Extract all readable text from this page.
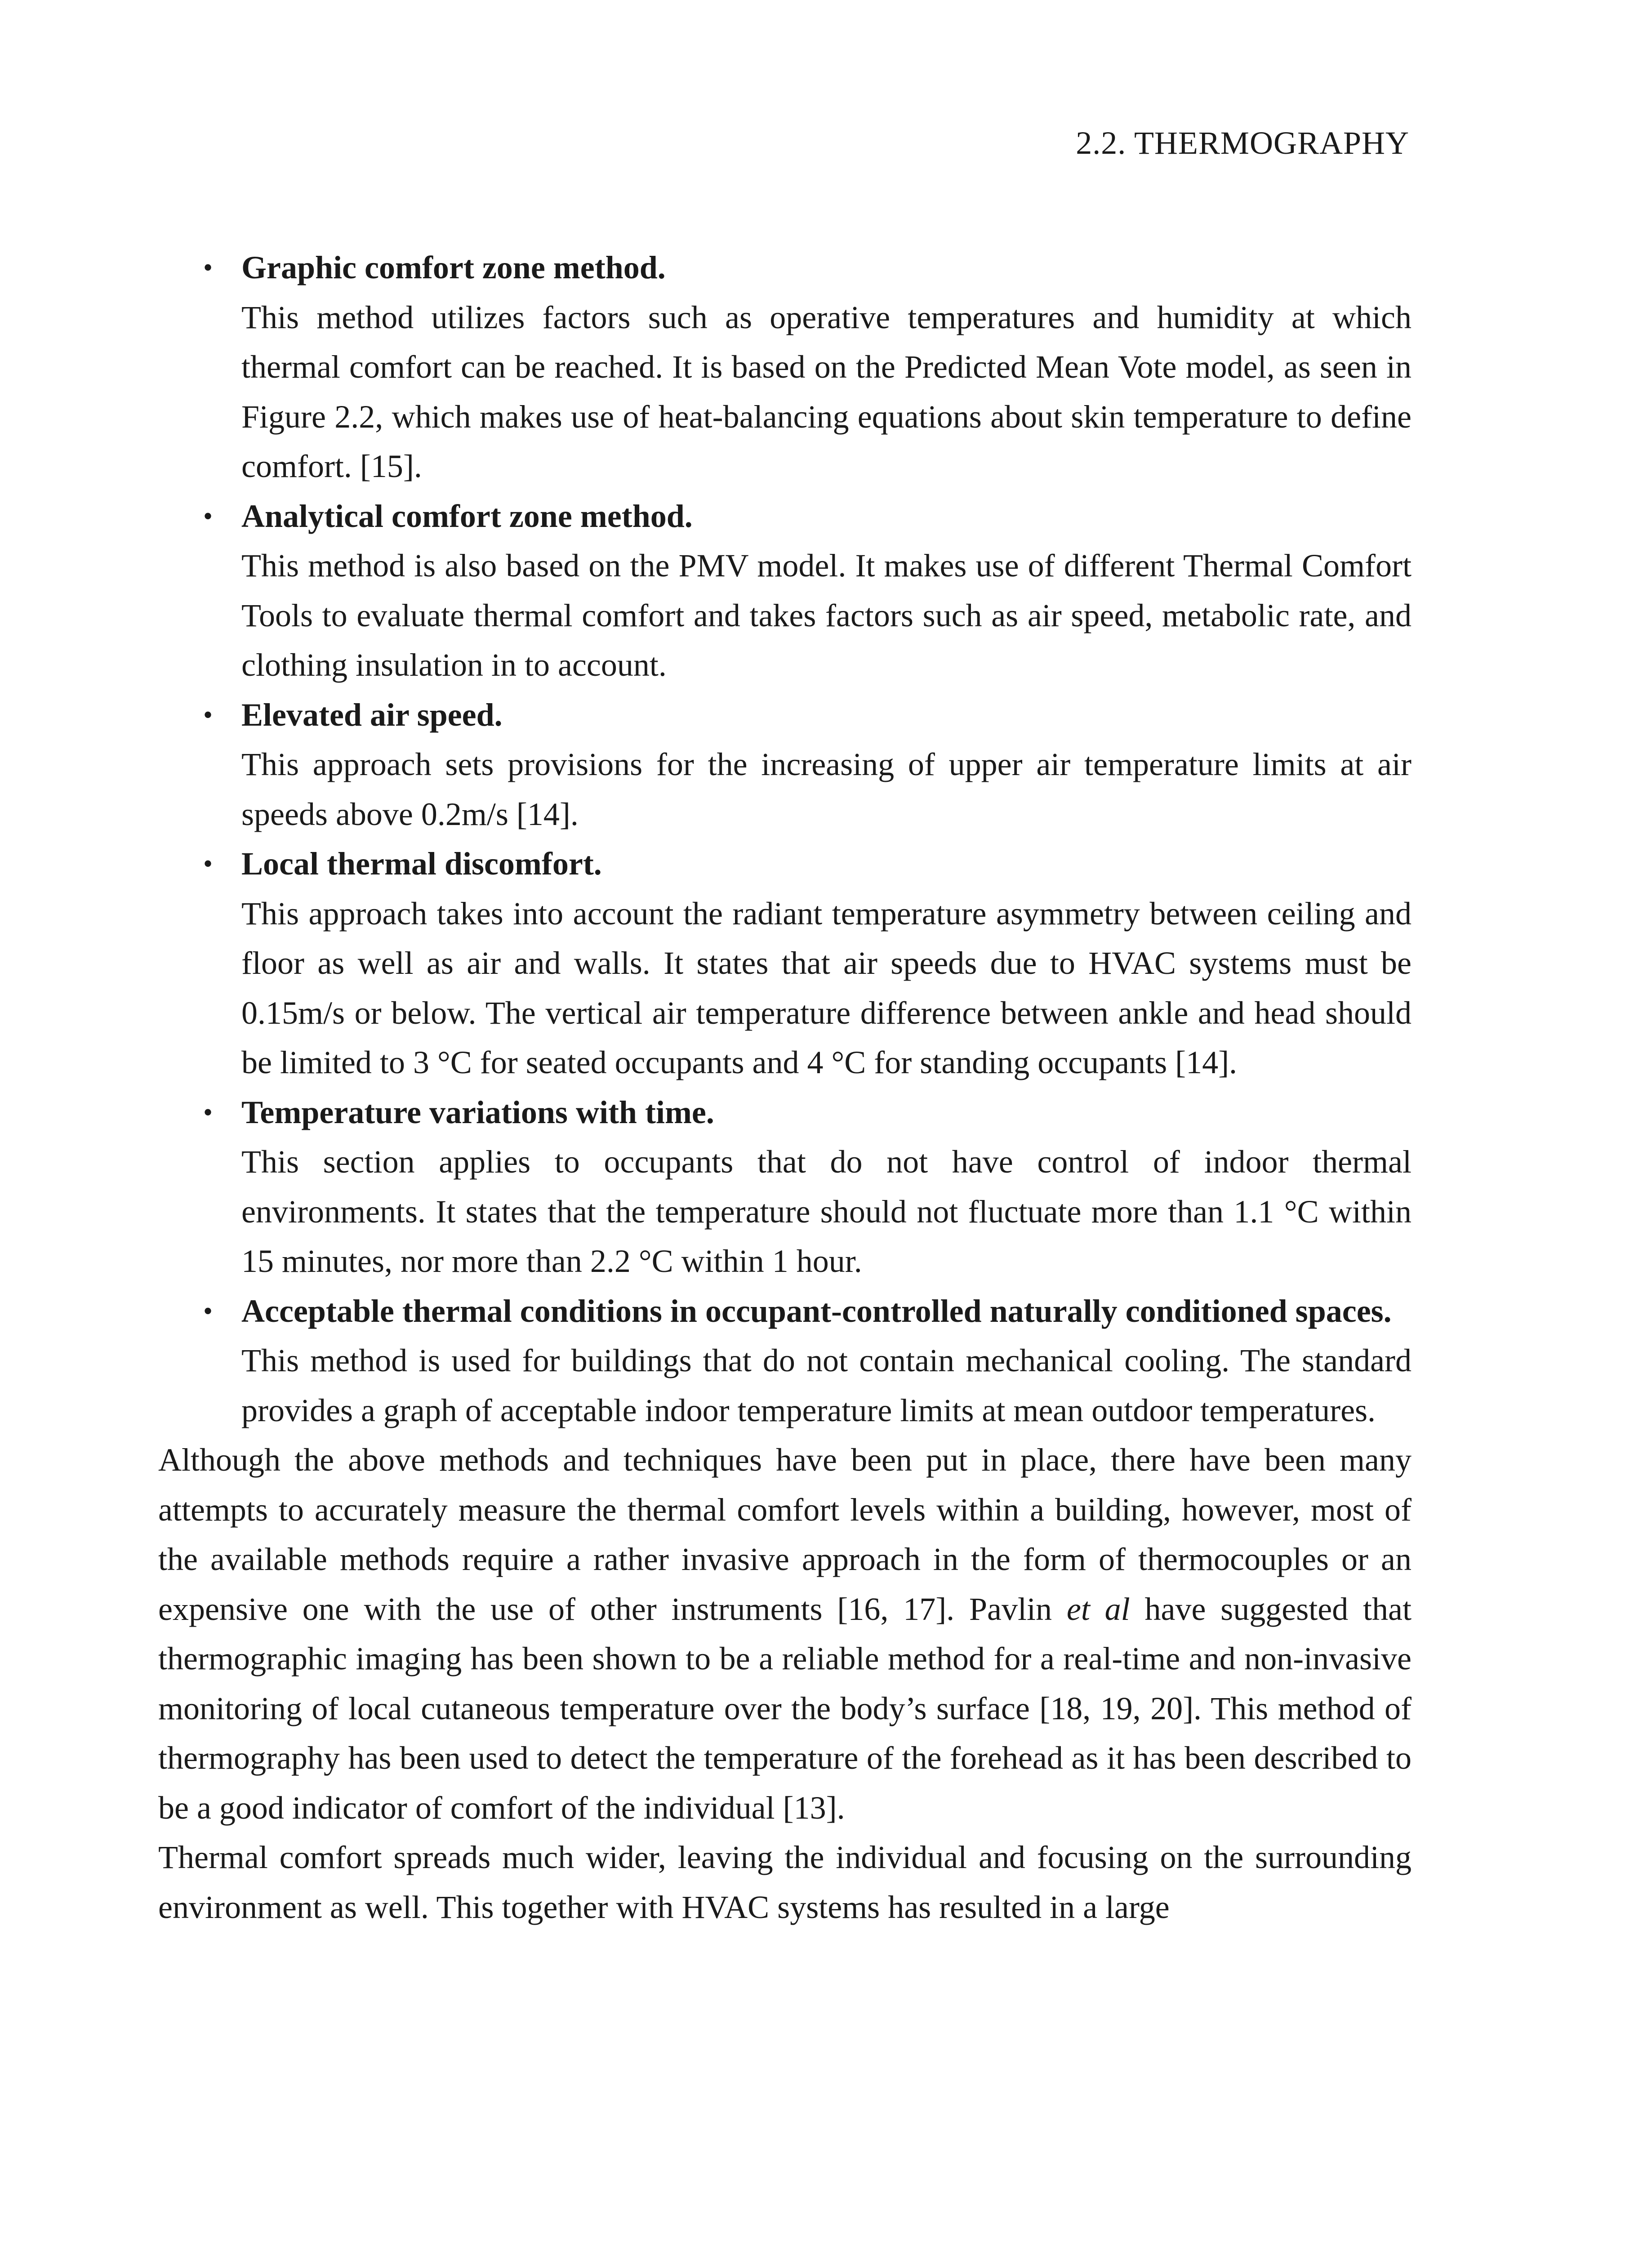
2.2. THERMOGRAPHY
• Graphic comfort zone method.
This method utilizes factors such as operative temperatures and humidity at which thermal comfort can be reached. It is based on the Predicted Mean Vote model, as seen in Figure 2.2, which makes use of heat-balancing equations about skin temperature to define comfort. [15].
• Analytical comfort zone method.
This method is also based on the PMV model. It makes use of different Thermal Comfort Tools to evaluate thermal comfort and takes factors such as air speed, metabolic rate, and clothing insulation in to account.
• Elevated air speed.
This approach sets provisions for the increasing of upper air temperature limits at air speeds above 0.2m/s [14].
• Local thermal discomfort.
This approach takes into account the radiant temperature asymmetry between ceiling and floor as well as air and walls. It states that air speeds due to HVAC systems must be 0.15m/s or below. The vertical air temperature difference between ankle and head should be limited to 3 °C for seated occupants and 4 °C for standing occupants [14].
• Temperature variations with time.
This section applies to occupants that do not have control of indoor thermal environments. It states that the temperature should not fluctuate more than 1.1 °C within 15 minutes, nor more than 2.2 °C within 1 hour.
• Acceptable thermal conditions in occupant-controlled naturally conditioned spaces.
This method is used for buildings that do not contain mechanical cooling. The standard provides a graph of acceptable indoor temperature limits at mean outdoor temperatures.

Although the above methods and techniques have been put in place, there have been many attempts to accurately measure the thermal comfort levels within a building, however, most of the available methods require a rather invasive approach in the form of thermocouples or an expensive one with the use of other instruments [16, 17]. Pavlin et al have suggested that thermographic imaging has been shown to be a reliable method for a real-time and non-invasive monitoring of local cutaneous temperature over the body’s surface [18, 19, 20]. This method of thermography has been used to detect the temperature of the forehead as it has been described to be a good indicator of comfort of the individual [13].

Thermal comfort spreads much wider, leaving the individual and focusing on the surrounding environment as well. This together with HVAC systems has resulted in a large
